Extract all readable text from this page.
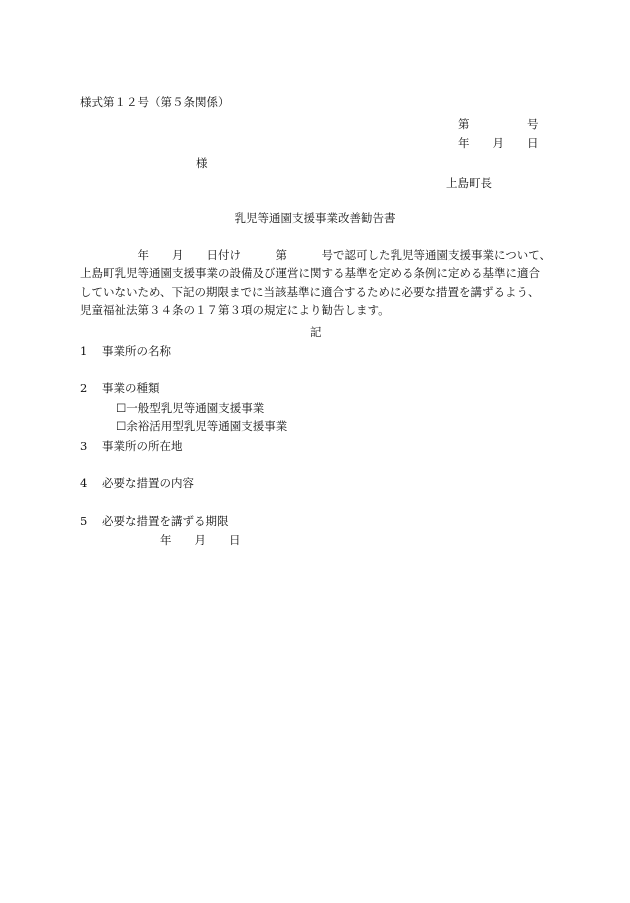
様式第１２号（第５条関係）

第　　　　　号

年　　月　　日

様

上島町長

乳児等通園支援事業改善勧告書

　　　　　年　　月　　日付け　　　第　　　号で認可した乳児等通園支援事業について、

上島町乳児等通園支援事業の設備及び運営に関する基準を定める条例に定める基準に適合

していないため、下記の期限までに当該基準に適合するために必要な措置を講ずるよう、

児童福祉法第３４条の１７第３項の規定により勧告します。

記

1 事業所の名称
2 事業の種類

☐一般型乳児等通園支援事業

☐余裕活用型乳児等通園支援事業

3 事業所の所在地
4 必要な措置の内容
5 必要な措置を講ずる期限

年　　月　　日
